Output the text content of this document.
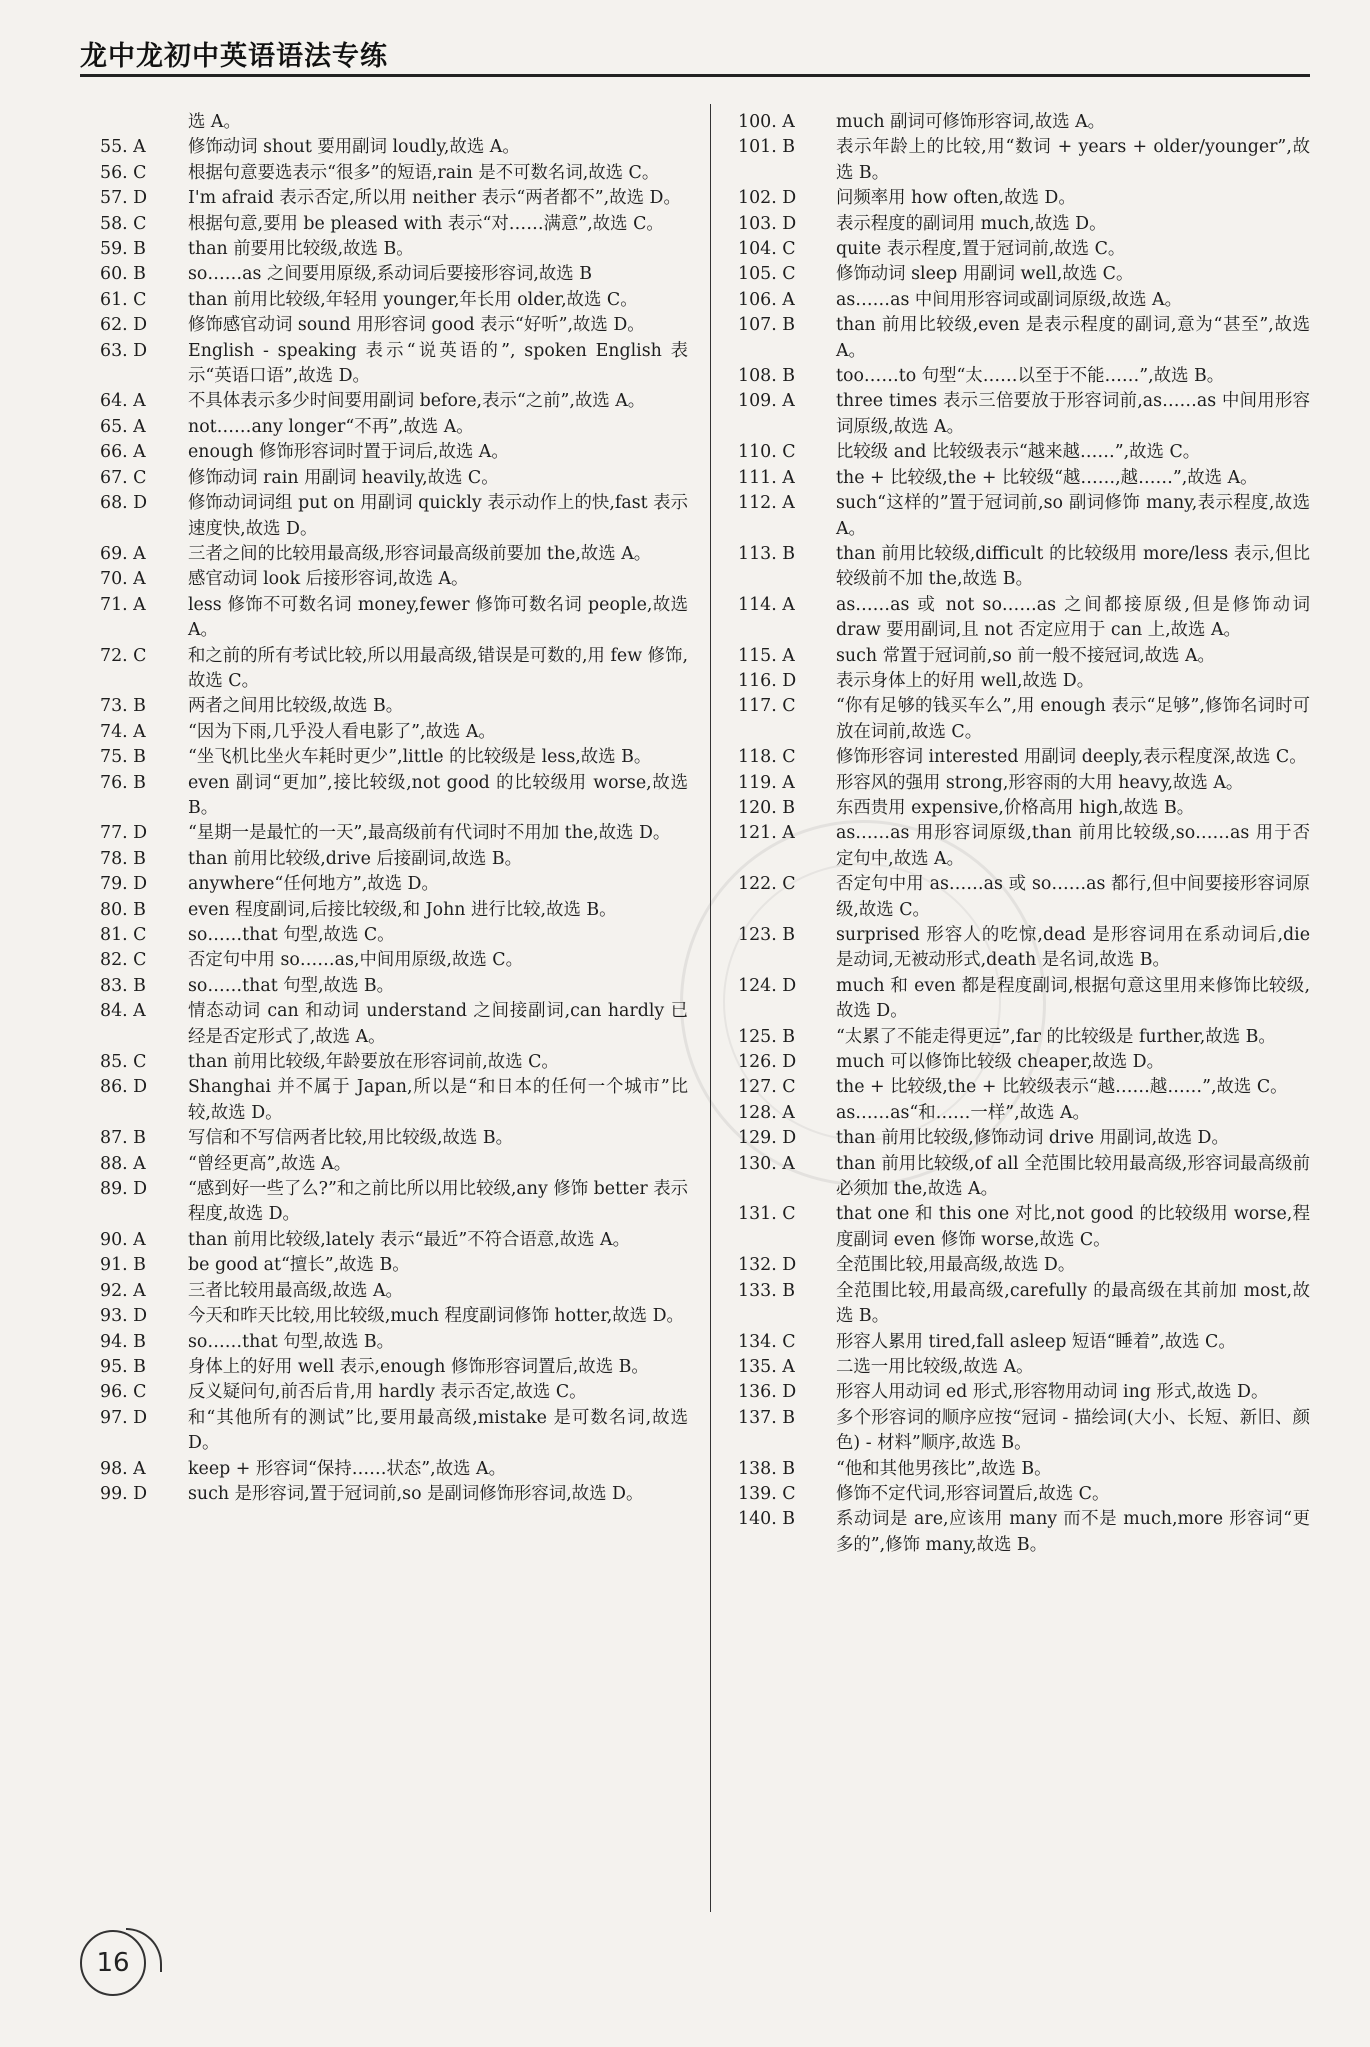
龙中龙初中英语语法专练
选 A。
55. A	修饰动词 shout 要用副词 loudly,故选 A。
56. C	根据句意要选表示“很多”的短语,rain 是不可数名词,故选 C。
57. D	I'm afraid 表示否定,所以用 neither 表示“两者都不”,故选 D。
58. C	根据句意,要用 be pleased with 表示“对……满意”,故选 C。
59. B	than 前要用比较级,故选 B。
60. B	so……as 之间要用原级,系动词后要接形容词,故选 B
61. C	than 前用比较级,年轻用 younger,年长用 older,故选 C。
62. D	修饰感官动词 sound 用形容词 good 表示“好听”,故选 D。
63. D	English - speaking 表示“说英语的”, spoken English 表示“英语口语”,故选 D。
64. A	不具体表示多少时间要用副词 before,表示“之前”,故选 A。
65. A	not……any longer“不再”,故选 A。
66. A	enough 修饰形容词时置于词后,故选 A。
67. C	修饰动词 rain 用副词 heavily,故选 C。
68. D	修饰动词词组 put on 用副词 quickly 表示动作上的快,fast 表示速度快,故选 D。
69. A	三者之间的比较用最高级,形容词最高级前要加 the,故选 A。
70. A	感官动词 look 后接形容词,故选 A。
71. A	less 修饰不可数名词 money,fewer 修饰可数名词 people,故选 A。
72. C	和之前的所有考试比较,所以用最高级,错误是可数的,用 few 修饰,故选 C。
73. B	两者之间用比较级,故选 B。
74. A	“因为下雨,几乎没人看电影了”,故选 A。
75. B	“坐飞机比坐火车耗时更少”,little 的比较级是 less,故选 B。
76. B	even 副词“更加”,接比较级,not good 的比较级用 worse,故选 B。
77. D	“星期一是最忙的一天”,最高级前有代词时不用加 the,故选 D。
78. B	than 前用比较级,drive 后接副词,故选 B。
79. D	anywhere“任何地方”,故选 D。
80. B	even 程度副词,后接比较级,和 John 进行比较,故选 B。
81. C	so……that 句型,故选 C。
82. C	否定句中用 so……as,中间用原级,故选 C。
83. B	so……that 句型,故选 B。
84. A	情态动词 can 和动词 understand 之间接副词,can hardly 已经是否定形式了,故选 A。
85. C	than 前用比较级,年龄要放在形容词前,故选 C。
86. D	Shanghai 并不属于 Japan,所以是“和日本的任何一个城市”比较,故选 D。
87. B	写信和不写信两者比较,用比较级,故选 B。
88. A	“曾经更高”,故选 A。
89. D	“感到好一些了么?”和之前比所以用比较级,any 修饰 better 表示程度,故选 D。
90. A	than 前用比较级,lately 表示“最近”不符合语意,故选 A。
91. B	be good at“擅长”,故选 B。
92. A	三者比较用最高级,故选 A。
93. D	今天和昨天比较,用比较级,much 程度副词修饰 hotter,故选 D。
94. B	so……that 句型,故选 B。
95. B	身体上的好用 well 表示,enough 修饰形容词置后,故选 B。
96. C	反义疑问句,前否后肯,用 hardly 表示否定,故选 C。
97. D	和“其他所有的测试”比,要用最高级,mistake 是可数名词,故选 D。
98. A	keep + 形容词“保持……状态”,故选 A。
99. D	such 是形容词,置于冠词前,so 是副词修饰形容词,故选 D。
100. A	much 副词可修饰形容词,故选 A。
101. B	表示年龄上的比较,用“数词 + years + older/younger”,故选 B。
102. D	问频率用 how often,故选 D。
103. D	表示程度的副词用 much,故选 D。
104. C	quite 表示程度,置于冠词前,故选 C。
105. C	修饰动词 sleep 用副词 well,故选 C。
106. A	as……as 中间用形容词或副词原级,故选 A。
107. B	than 前用比较级,even 是表示程度的副词,意为“甚至”,故选 A。
108. B	too……to 句型“太……以至于不能……”,故选 B。
109. A	three times 表示三倍要放于形容词前,as……as 中间用形容词原级,故选 A。
110. C	比较级 and 比较级表示“越来越……”,故选 C。
111. A	the + 比较级,the + 比较级“越……,越……”,故选 A。
112. A	such“这样的”置于冠词前,so 副词修饰 many,表示程度,故选 A。
113. B	than 前用比较级,difficult 的比较级用 more/less 表示,但比较级前不加 the,故选 B。
114. A	as……as 或 not so……as 之间都接原级,但是修饰动词 draw 要用副词,且 not 否定应用于 can 上,故选 A。
115. A	such 常置于冠词前,so 前一般不接冠词,故选 A。
116. D	表示身体上的好用 well,故选 D。
117. C	“你有足够的钱买车么”,用 enough 表示“足够”,修饰名词时可放在词前,故选 C。
118. C	修饰形容词 interested 用副词 deeply,表示程度深,故选 C。
119. A	形容风的强用 strong,形容雨的大用 heavy,故选 A。
120. B	东西贵用 expensive,价格高用 high,故选 B。
121. A	as……as 用形容词原级,than 前用比较级,so……as 用于否定句中,故选 A。
122. C	否定句中用 as……as 或 so……as 都行,但中间要接形容词原级,故选 C。
123. B	surprised 形容人的吃惊,dead 是形容词用在系动词后,die 是动词,无被动形式,death 是名词,故选 B。
124. D	much 和 even 都是程度副词,根据句意这里用来修饰比较级,故选 D。
125. B	“太累了不能走得更远”,far 的比较级是 further,故选 B。
126. D	much 可以修饰比较级 cheaper,故选 D。
127. C	the + 比较级,the + 比较级表示“越……越……”,故选 C。
128. A	as……as“和……一样”,故选 A。
129. D	than 前用比较级,修饰动词 drive 用副词,故选 D。
130. A	than 前用比较级,of all 全范围比较用最高级,形容词最高级前必须加 the,故选 A。
131. C	that one 和 this one 对比,not good 的比较级用 worse,程度副词 even 修饰 worse,故选 C。
132. D	全范围比较,用最高级,故选 D。
133. B	全范围比较,用最高级,carefully 的最高级在其前加 most,故选 B。
134. C	形容人累用 tired,fall asleep 短语“睡着”,故选 C。
135. A	二选一用比较级,故选 A。
136. D	形容人用动词 ed 形式,形容物用动词 ing 形式,故选 D。
137. B	多个形容词的顺序应按“冠词 - 描绘词(大小、长短、新旧、颜色) - 材料”顺序,故选 B。
138. B	“他和其他男孩比”,故选 B。
139. C	修饰不定代词,形容词置后,故选 C。
140. B	系动词是 are,应该用 many 而不是 much,more 形容词“更多的”,修饰 many,故选 B。
16
